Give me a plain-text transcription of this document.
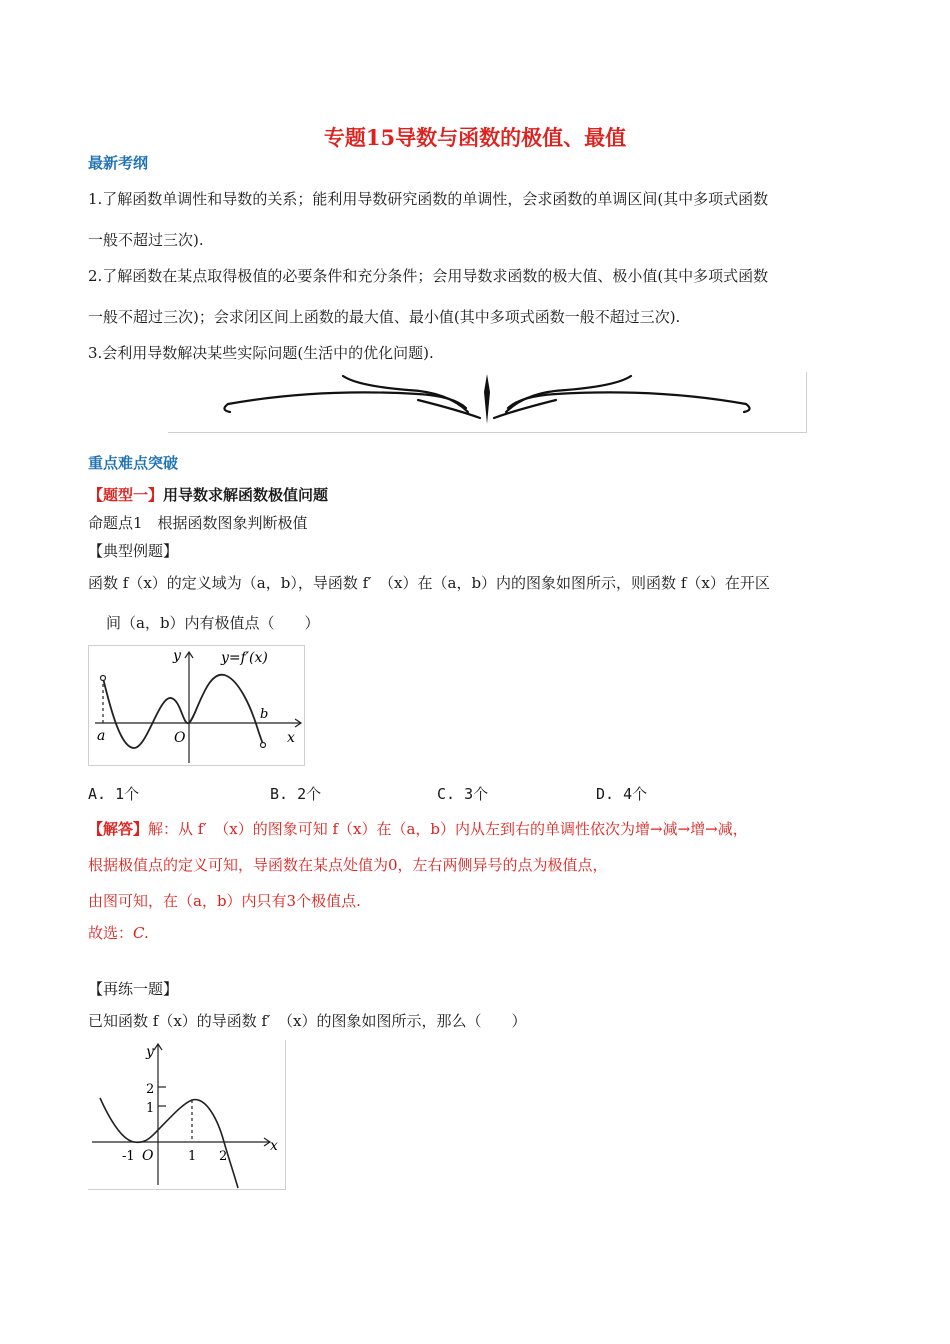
专题15导数与函数的极值、最值
最新考纲
1.了解函数单调性和导数的关系；能利用导数研究函数的单调性，会求函数的单调区间(其中多项式函数
一般不超过三次).
2.了解函数在某点取得极值的必要条件和充分条件；会用导数求函数的极大值、极小值(其中多项式函数
一般不超过三次)；会求闭区间上函数的最大值、最小值(其中多项式函数一般不超过三次).
3.会利用导数解决某些实际问题(生活中的优化问题).
重点难点突破
【题型一】用导数求解函数极值问题
命题点1　根据函数图象判断极值
【典型例题】
函数 f（x）的定义域为（a，b），导函数 f′　（x）在（a，b）内的图象如图所示，则函数 f（x）在开区
间（a，b）内有极值点（　　）
y	y=f′(x)
b
a	O	x
A. 1个	B. 2个	C. 3个	D. 4个
【解答】解：从 f′　（x）的图象可知 f（x）在（a，b）内从左到右的单调性依次为增→减→增→减，
根据极值点的定义可知，导函数在某点处值为0，左右两侧异号的点为极值点，
由图可知，在（a，b）内只有3个极值点.
故选：C.
【再练一题】
已知函数 f（x）的导函数 f′　（x）的图象如图所示，那么（　　）
y
2
1
x
-1 O	1 2
